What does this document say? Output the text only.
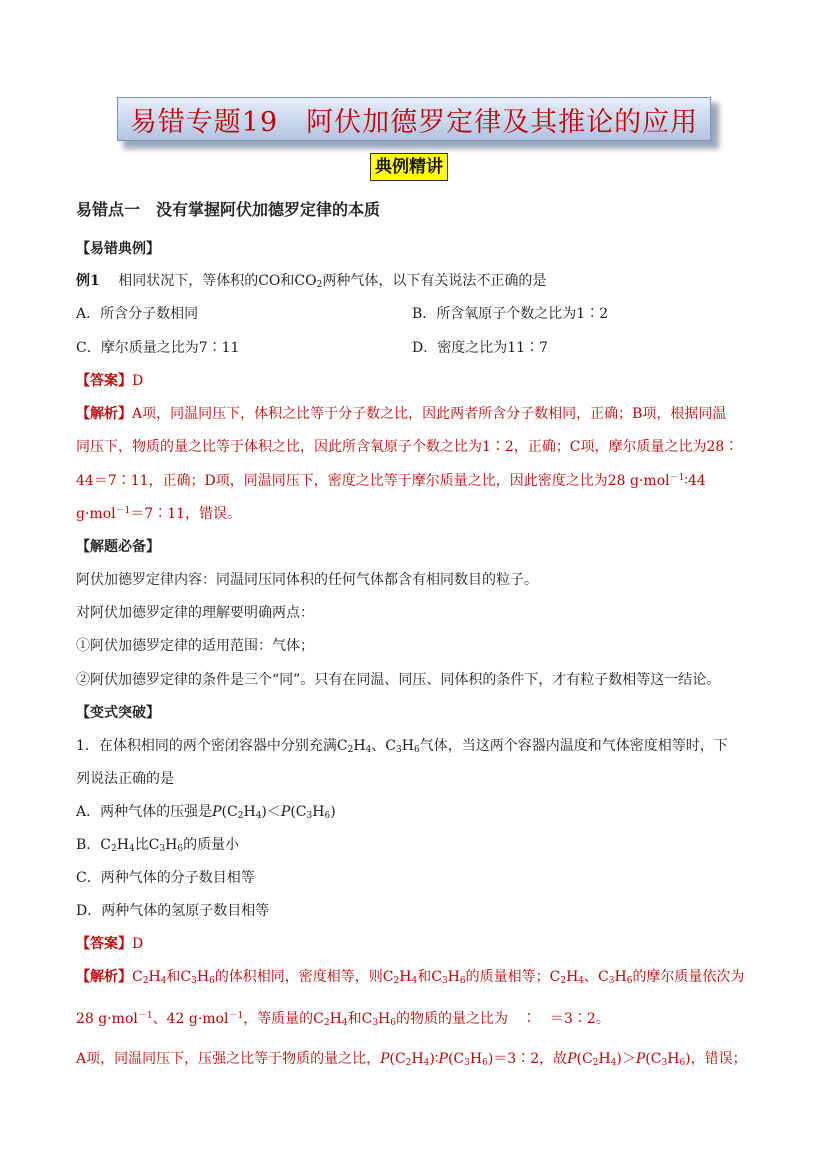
易错专题19　阿伏加德罗定律及其推论的应用
典例精讲
易错点一　没有掌握阿伏加德罗定律的本质
【易错典例】
例1　 相同状况下，等体积的CO和$CO_2$两种气体，以下有关说法不正确的是
A．所含分子数相同	B．所含氧原子个数之比为1∶2
C．摩尔质量之比为7∶11	D．密度之比为11∶7
【答案】D
【解析】A项，同温同压下，体积之比等于分子数之比，因此两者所含分子数相同，正确；B项，根据同温
同压下，物质的量之比等于体积之比，因此所含氧原子个数之比为1∶2，正确；C项，摩尔质量之比为28∶
44＝7∶11，正确；D项，同温同压下，密度之比等于摩尔质量之比，因此密度之比为28 g·mol$^{-1}$∶44
g·mol$^{-1}$＝7∶11，错误。
【解题必备】
阿伏加德罗定律内容：同温同压同体积的任何气体都含有相同数目的粒子。
对阿伏加德罗定律的理解要明确两点：
①阿伏加德罗定律的适用范围：气体；
②阿伏加德罗定律的条件是三个“同”。只有在同温、同压、同体积的条件下，才有粒子数相等这一结论。
【变式突破】
1．在体积相同的两个密闭容器中分别充满$C_2H_4$、$C_3H_6$气体，当这两个容器内温度和气体密度相等时，下
列说法正确的是
A．两种气体的压强是$P(C_2H_4)<P(C_3H_6)$
B．$C_2H_4$比$C_3H_6$的质量小
C．两种气体的分子数目相等
D．两种气体的氢原子数目相等
【答案】D
【解析】$C_2H_4$和$C_3H_6$的体积相同，密度相等，则$C_2H_4$和$C_3H_6$的质量相等；$C_2H_4$、$C_3H_6$的摩尔质量依次为
28 g·mol$^{-1}$、42 g·mol$^{-1}$，等质量的$C_2H_4$和$C_3H_6$的物质的量之比为　∶　＝3∶2。
A项，同温同压下，压强之比等于物质的量之比，$P(C_2H_4)∶P(C_3H_6)=3∶2$，故$P(C_2H_4)>P(C_3H_6)$，错误；
